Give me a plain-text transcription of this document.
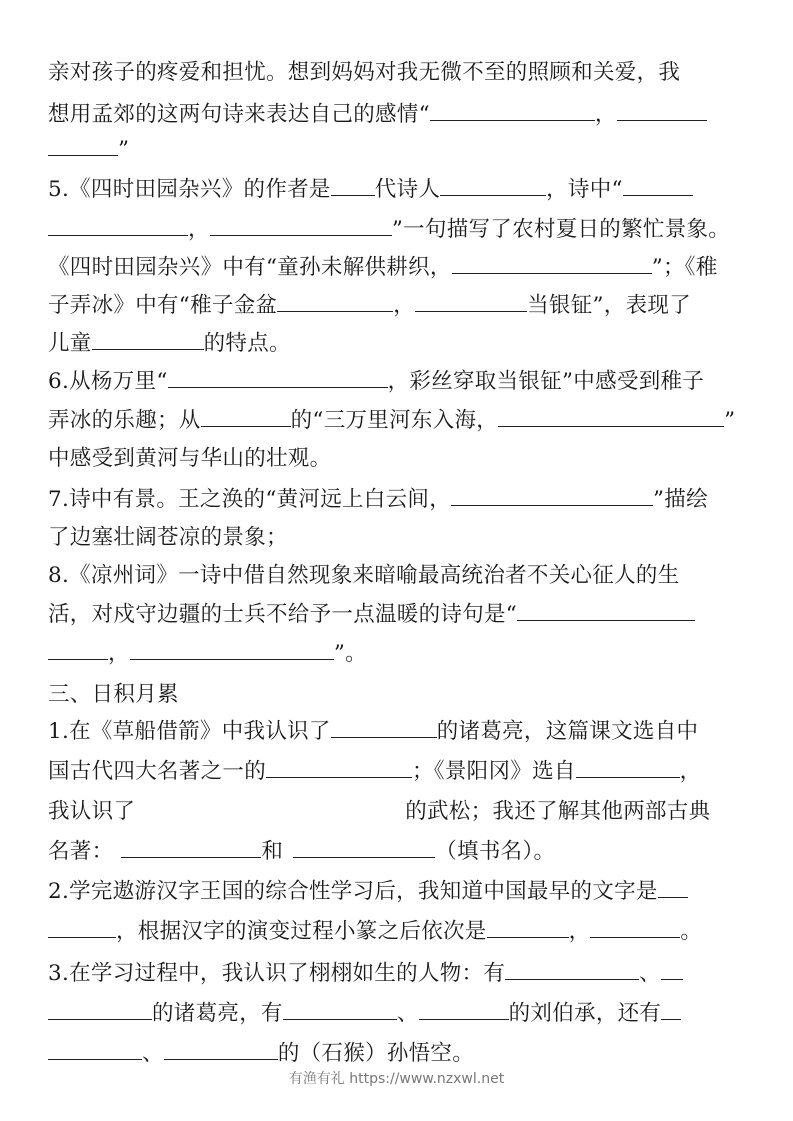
亲对孩子的疼爱和担忧。想到妈妈对我无微不至的照顾和关爱，我
想用孟郊的这两句诗来表达自己的感情“	，
”
5.《四时田园杂兴》的作者是 代诗人	，诗中“
，	”一句描写了农村夏日的繁忙景象。
《四时田园杂兴》中有“童孙未解供耕织，	”；《稚
子弄冰》中有“稚子金盆	，	当银钲”，表现了
儿童	的特点。
6.从杨万里“	，彩丝穿取当银钲”中感受到稚子
弄冰的乐趣；从	的“三万里河东入海，	”
中感受到黄河与华山的壮观。
7.诗中有景。王之涣的“黄河远上白云间，	”描绘
了边塞壮阔苍凉的景象；
8.《凉州词》一诗中借自然现象来暗喻最高统治者不关心征人的生
活，对戍守边疆的士兵不给予一点温暖的诗句是“
，	”。
三、日积月累
1.在《草船借箭》中我认识了	的诸葛亮，这篇课文选自中
国古代四大名著之一的	；《景阳冈》选自	，
我认识了	的武松；我还了解其他两部古典
名著：	和	（填书名）。
2.学完遨游汉字王国的综合性学习后，我知道中国最早的文字是
，根据汉字的演变过程小篆之后依次是	，	。
3.在学习过程中，我认识了栩栩如生的人物：有	、
的诸葛亮，有	、	的刘伯承，还有
、	的（石猴）孙悟空。
有渔有礼 https://www.nzxwl.net
